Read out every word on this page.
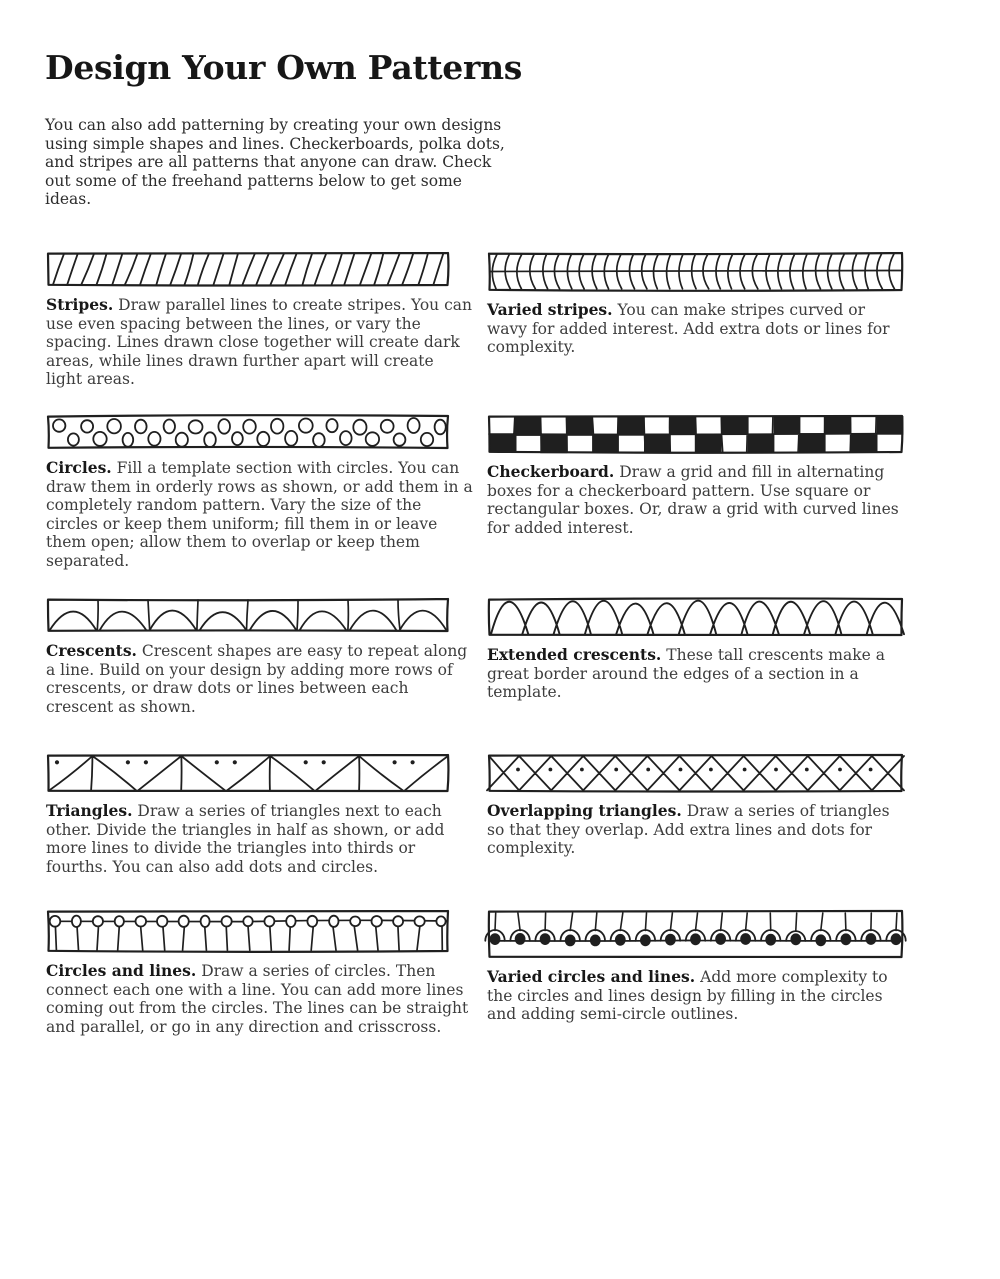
Design Your Own Patterns

You can also add patterning by creating your own designs using simple shapes and lines. Checkerboards, polka dots, and stripes are all patterns that anyone can draw. Check out some of the freehand patterns below to get some ideas.

Stripes. Draw parallel lines to create stripes. You can use even spacing between the lines, or vary the spacing. Lines drawn close together will create dark areas, while lines drawn further apart will create light areas.
Varied stripes. You can make stripes curved or wavy for added interest. Add extra dots or lines for complexity.
Circles. Fill a template section with circles. You can draw them in orderly rows as shown, or add them in a completely random pattern. Vary the size of the circles or keep them uniform; fill them in or leave them open; allow them to overlap or keep them separated.
Checkerboard. Draw a grid and fill in alternating boxes for a checkerboard pattern. Use square or rectangular boxes. Or, draw a grid with curved lines for added interest.
Crescents. Crescent shapes are easy to repeat along a line. Build on your design by adding more rows of crescents, or draw dots or lines between each crescent as shown.
Extended crescents. These tall crescents make a great border around the edges of a section in a template.
Triangles. Draw a series of triangles next to each other. Divide the triangles in half as shown, or add more lines to divide the triangles into thirds or fourths. You can also add dots and circles.
Overlapping triangles. Draw a series of triangles so that they overlap. Add extra lines and dots for complexity.
Circles and lines. Draw a series of circles. Then connect each one with a line. You can add more lines coming out from the circles. The lines can be straight and parallel, or go in any direction and crisscross.
Varied circles and lines. Add more complexity to the circles and lines design by filling in the circles and adding semi-circle outlines.
